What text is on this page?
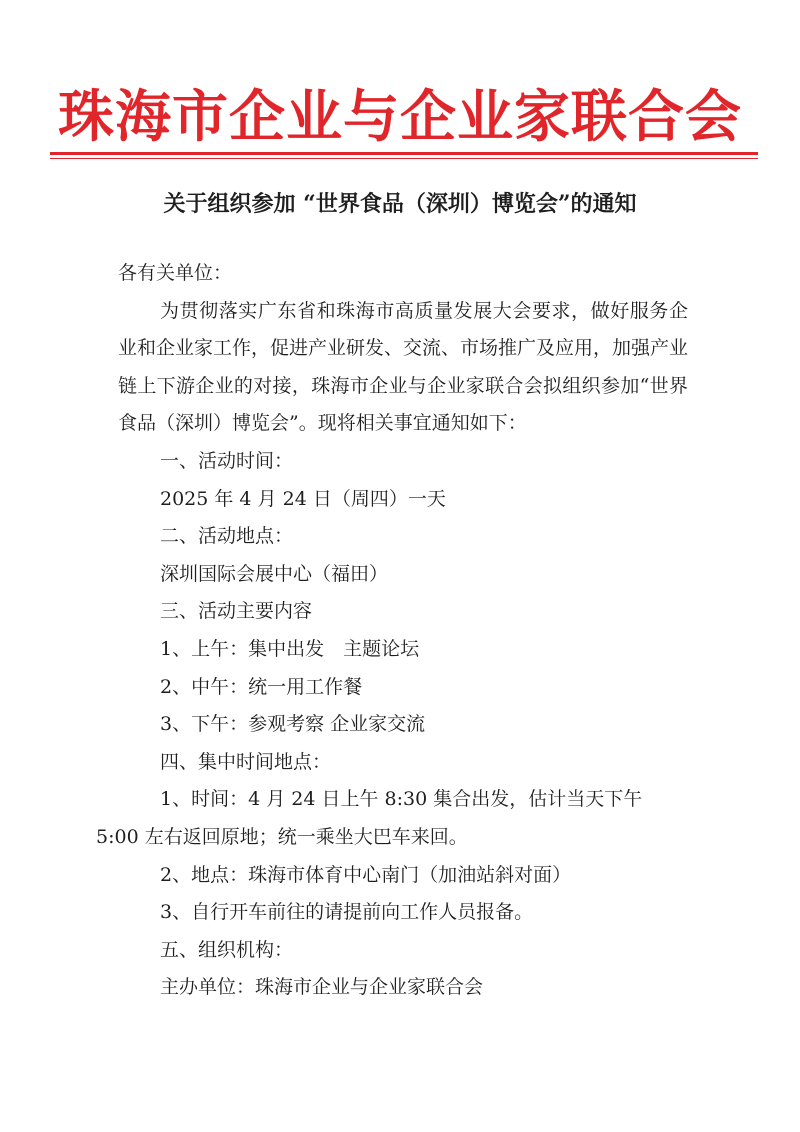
珠海市企业与企业家联合会
关于组织参加 “世界食品（深圳）博览会”的通知
各有关单位：
为贯彻落实广东省和珠海市高质量发展大会要求，做好服务企业和企业家工作，促进产业研发、交流、市场推广及应用，加强产业链上下游企业的对接，珠海市企业与企业家联合会拟组织参加“世界食品（深圳）博览会”。现将相关事宜通知如下：
一、活动时间：
2025 年 4 月 24 日（周四）一天
二、活动地点：
深圳国际会展中心（福田）
三、活动主要内容
1、上午：集中出发　主题论坛
2、中午：统一用工作餐
3、下午：参观考察 企业家交流
四、集中时间地点：
1、时间：4 月 24 日上午 8:30 集合出发，估计当天下午 5:00 左右返回原地；统一乘坐大巴车来回。
2、地点：珠海市体育中心南门（加油站斜对面）
3、自行开车前往的请提前向工作人员报备。
五、组织机构：
主办单位：珠海市企业与企业家联合会
